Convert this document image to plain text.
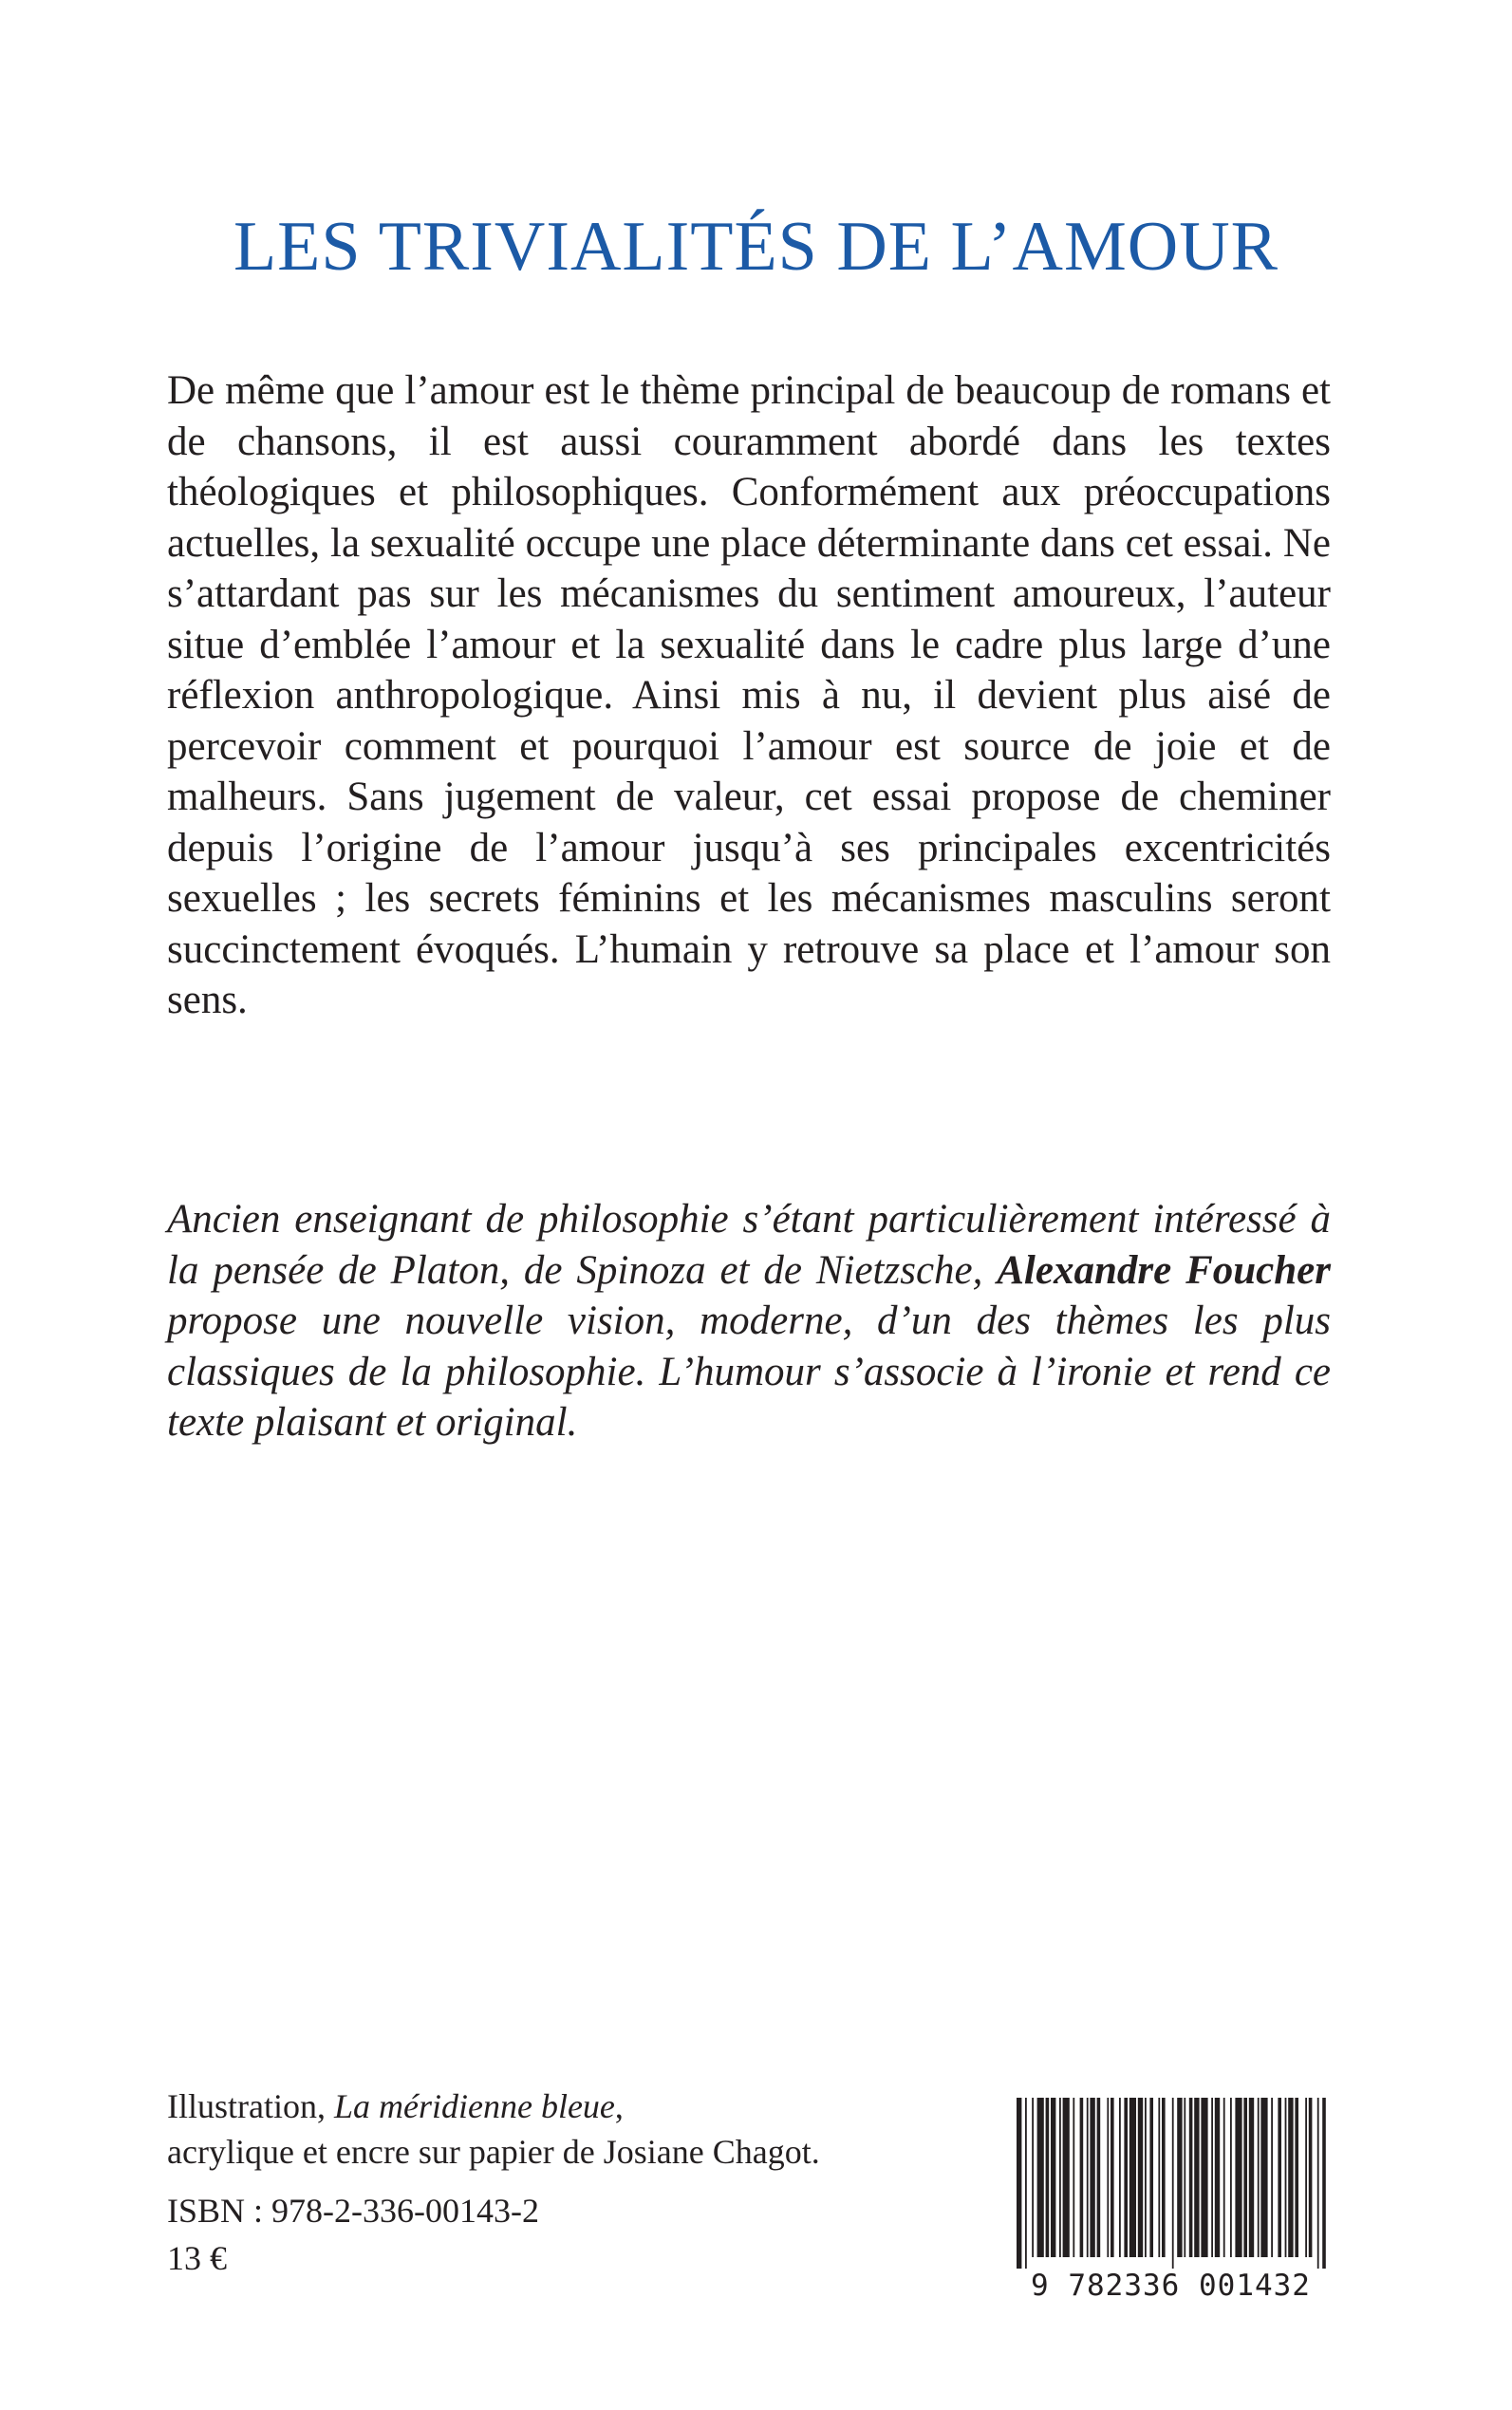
LES TRIVIALITÉS DE L’AMOUR

De même que l’amour est le thème principal de beaucoup de romans et de chansons, il est aussi couramment abordé dans les textes théologiques et philosophiques. Conformément aux préoccupations actuelles, la sexualité occupe une place déterminante dans cet essai. Ne s’attardant pas sur les mécanismes du sentiment amoureux, l’auteur situe d’emblée l’amour et la sexualité dans le cadre plus large d’une réflexion anthropologique. Ainsi mis à nu, il devient plus aisé de percevoir comment et pourquoi l’amour est source de joie et de malheurs. Sans jugement de valeur, cet essai propose de cheminer depuis l’origine de l’amour jusqu’à ses principales excentricités sexuelles ; les secrets féminins et les mécanismes masculins seront succinctement évoqués. L’humain y retrouve sa place et l’amour son sens.

Ancien enseignant de philosophie s’étant particulièrement intéressé à la pensée de Platon, de Spinoza et de Nietzsche, Alexandre Foucher propose une nouvelle vision, moderne, d’un des thèmes les plus classiques de la philosophie. L’humour s’associe à l’ironie et rend ce texte plaisant et original.

Illustration, La méridienne bleue,
acrylique et encre sur papier de Josiane Chagot.

ISBN : 978-2-336-00143-2

13 €

9 782336 001432
